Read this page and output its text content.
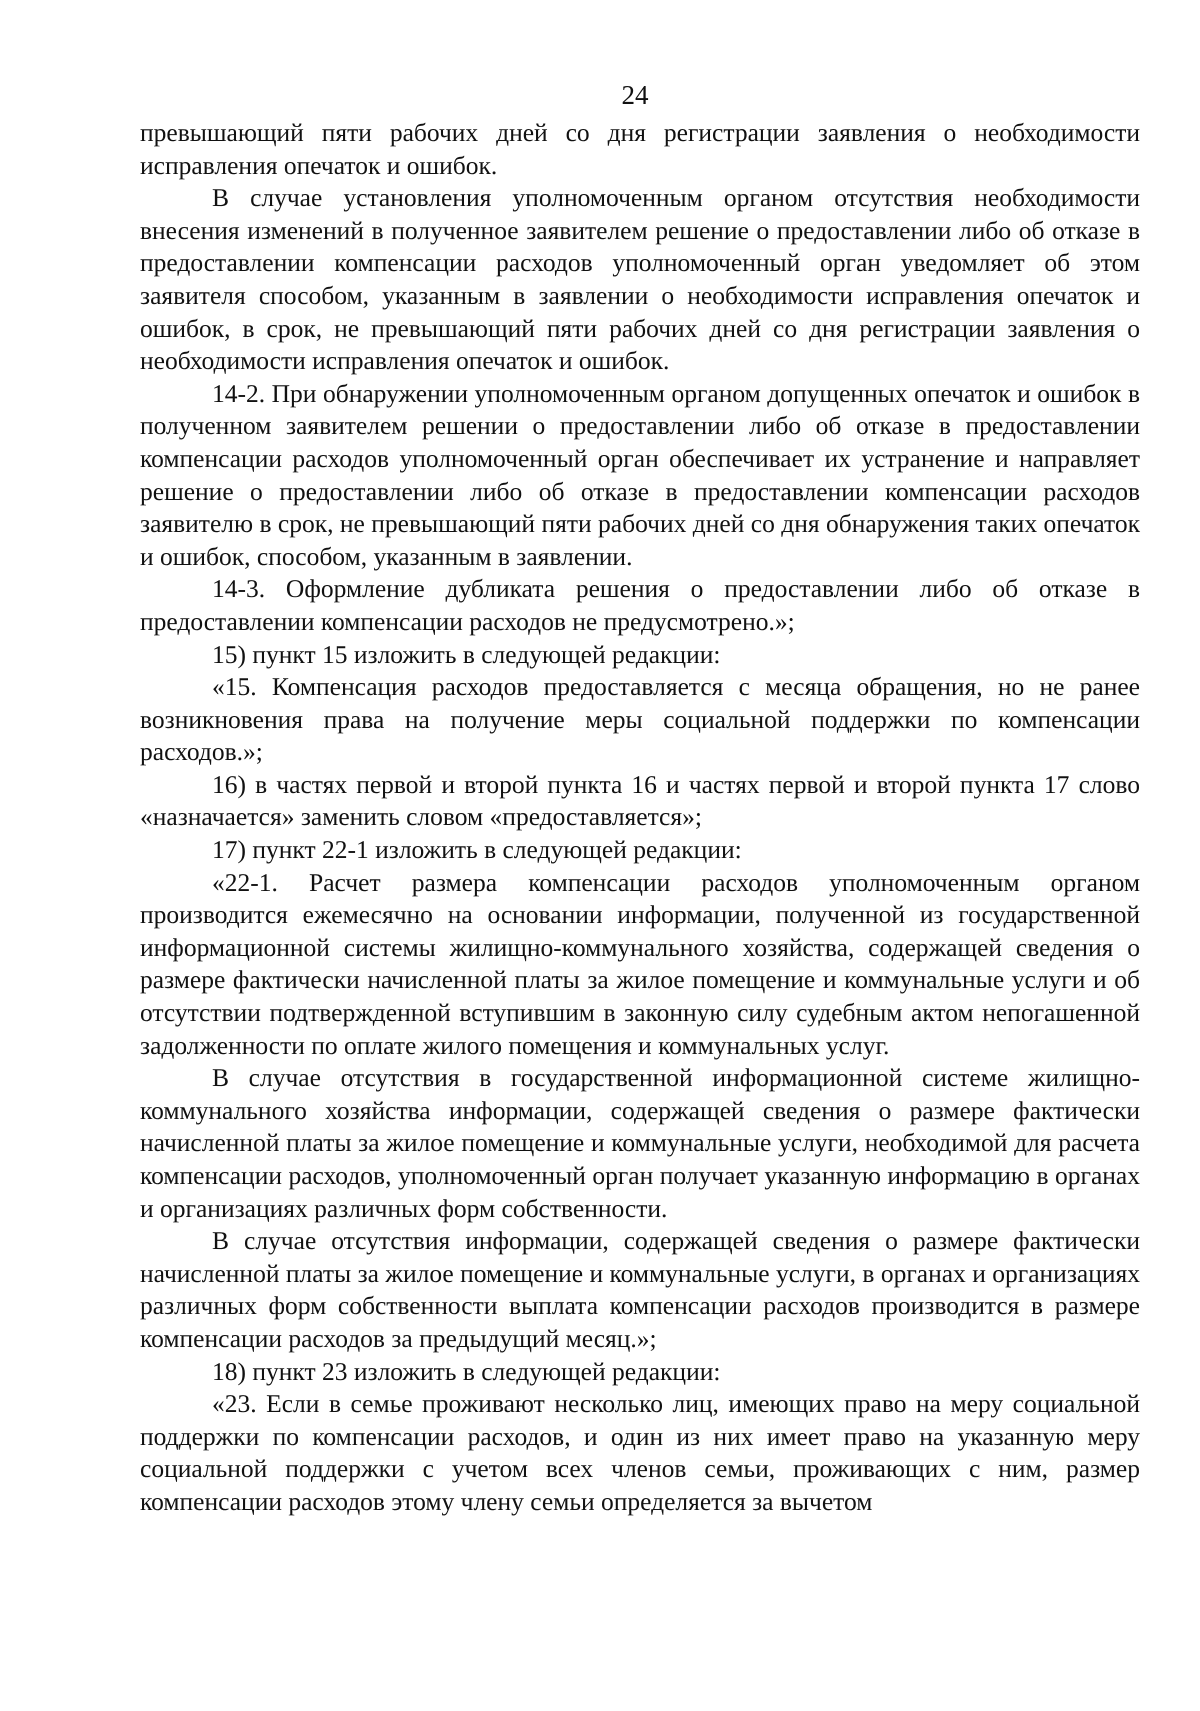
24

превышающий пяти рабочих дней со дня регистрации заявления о необходимости исправления опечаток и ошибок.

В случае установления уполномоченным органом отсутствия необходимости внесения изменений в полученное заявителем решение о предоставлении либо об отказе в предоставлении компенсации расходов уполномоченный орган уведомляет об этом заявителя способом, указанным в заявлении о необходимости исправления опечаток и ошибок, в срок, не превышающий пяти рабочих дней со дня регистрации заявления о необходимости исправления опечаток и ошибок.

14-2. При обнаружении уполномоченным органом допущенных опечаток и ошибок в полученном заявителем решении о предоставлении либо об отказе в предоставлении компенсации расходов уполномоченный орган обеспечивает их устранение и направляет решение о предоставлении либо об отказе в предоставлении компенсации расходов заявителю в срок, не превышающий пяти рабочих дней со дня обнаружения таких опечаток и ошибок, способом, указанным в заявлении.

14-3. Оформление дубликата решения о предоставлении либо об отказе в предоставлении компенсации расходов не предусмотрено.»;

15) пункт 15 изложить в следующей редакции:

«15. Компенсация расходов предоставляется с месяца обращения, но не ранее возникновения права на получение меры социальной поддержки по компенсации расходов.»;

16) в частях первой и второй пункта 16 и частях первой и второй пункта 17 слово «назначается» заменить словом «предоставляется»;

17) пункт 22-1 изложить в следующей редакции:

«22-1. Расчет размера компенсации расходов уполномоченным органом производится ежемесячно на основании информации, полученной из государственной информационной системы жилищно-коммунального хозяйства, содержащей сведения о размере фактически начисленной платы за жилое помещение и коммунальные услуги и об отсутствии подтвержденной вступившим в законную силу судебным актом непогашенной задолженности по оплате жилого помещения и коммунальных услуг.

В случае отсутствия в государственной информационной системе жилищно-коммунального хозяйства информации, содержащей сведения о размере фактически начисленной платы за жилое помещение и коммунальные услуги, необходимой для расчета компенсации расходов, уполномоченный орган получает указанную информацию в органах и организациях различных форм собственности.

В случае отсутствия информации, содержащей сведения о размере фактически начисленной платы за жилое помещение и коммунальные услуги, в органах и организациях различных форм собственности выплата компенсации расходов производится в размере компенсации расходов за предыдущий месяц.»;

18) пункт 23 изложить в следующей редакции:

«23. Если в семье проживают несколько лиц, имеющих право на меру социальной поддержки по компенсации расходов, и один из них имеет право на указанную меру социальной поддержки с учетом всех членов семьи, проживающих с ним, размер компенсации расходов этому члену семьи определяется за вычетом
